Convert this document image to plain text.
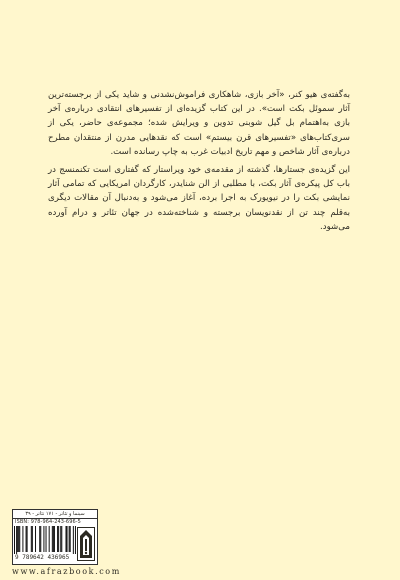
به‌گفته‌ی هیو کنر، «آخر بازی، شاهکاری فراموش‌نشدنی و شاید یکی از برجسته‌ترین آثار سموئل بکت است». در این کتاب گزیده‌ای از تفسیرهای انتقادی درباره‌ی آخر بازی به‌اهتمام بل گیل شوبنی تدوین و ویرایش شده؛ مجموعه‌ی حاضر، یکی از سری‌کتاب‌های «تفسیرهای قرن بیستم» است که نقدهایی مدرن از منتقدان مطرح درباره‌ی آثار شاخص و مهم تاریخ ادبیات غرب به چاپ رسانده است.

این گزیده‌ی جستارها، گذشته از مقدمه‌ی خود ویراستار که گفتاری است تکنمنسج در باب کل پیکره‌ی آثار بکت، با مطلبی از الن شنایدر، کارگردان امریکایی که تمامی آثار نمایشی بکت را در نیویورک به اجرا برده، آغاز می‌شود و به‌دنبال آن مقالات دیگری به‌قلم چند تن از نقدنویسان برجسته و شناخته‌شده در جهان تئاتر و درام آورده می‌شود.

سینما و تئاتر - ۱۷۱ تئاتر - ۳۹
ISBN: 978-964-243-696-5
9 789642 436965
www.afrazbook.com
